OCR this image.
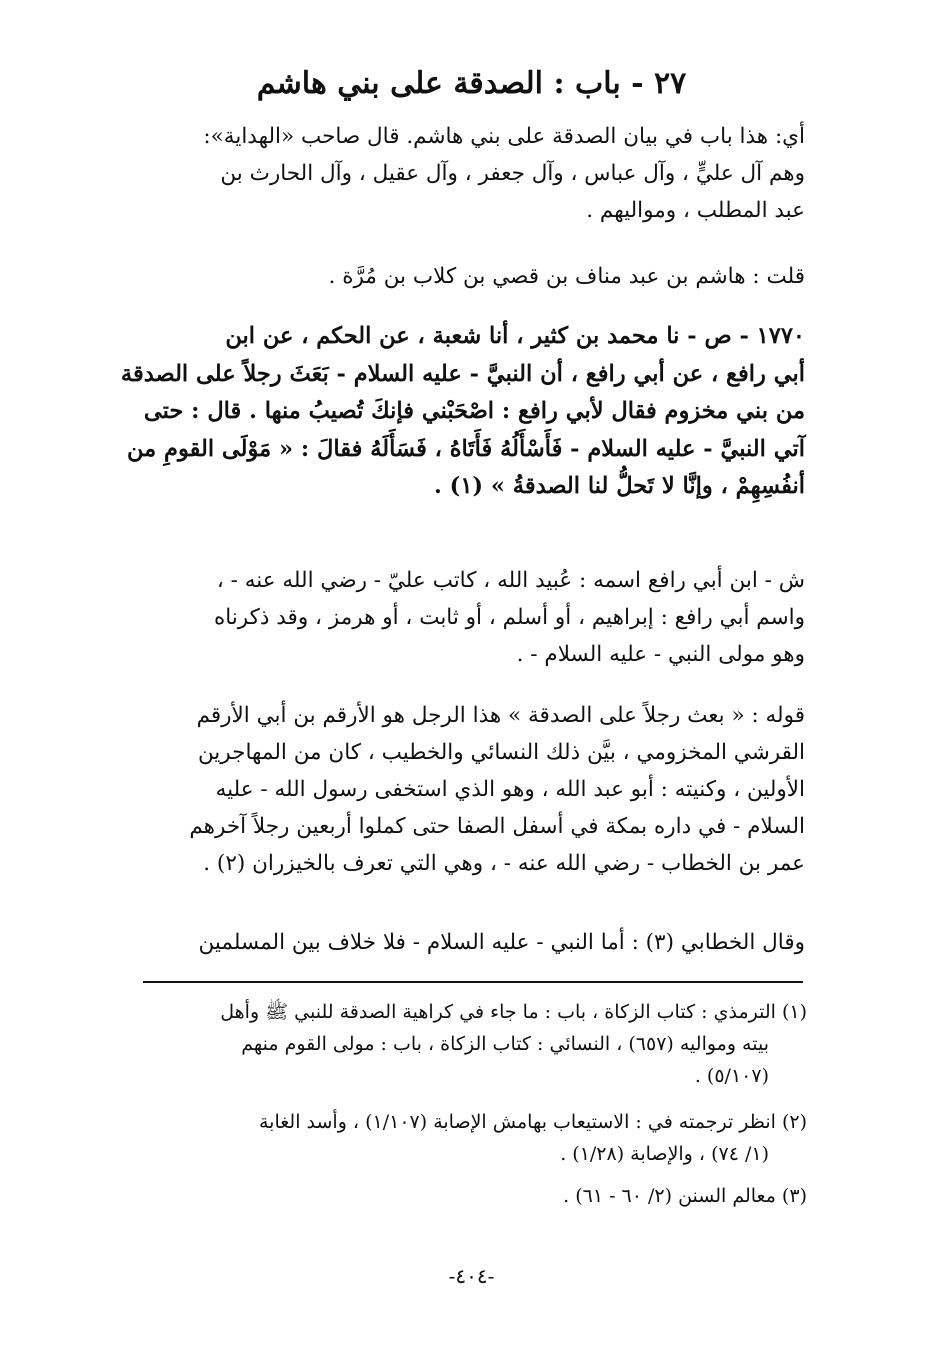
٢٧ - باب : الصدقة على بني هاشم
أي: هذا باب في بيان الصدقة على بني هاشم. قال صاحب «الهداية»:
وهم آل عليٍّ ، وآل عباس ، وآل جعفر ، وآل عقيل ، وآل الحارث بن
عبد المطلب ، ومواليهم .
قلت : هاشم بن عبد مناف بن قصي بن كلاب بن مُرَّة .
١٧٧٠ - ص - نا محمد بن كثير ، أنا شعبة ، عن الحكم ، عن ابن
أبي رافع ، عن أبي رافع ، أن النبيَّ - عليه السلام - بَعَثَ رجلاً على الصدقة
من بني مخزوم فقال لأبي رافع : اصْحَبْني فإنكَ تُصيبُ منها . قال : حتى
آتي النبيَّ - عليه السلام - فَأَسْأَلُهُ فَأَتَاهُ ، فَسَأَلَهُ فقالَ : « مَوْلَى القومِ من
أنفُسِهِمْ ، وإنَّا لا تَحلُّ لنا الصدقةُ » (١) .
ش - ابن أبي رافع اسمه : عُبيد الله ، كاتب عليّ - رضي الله عنه - ،
واسم أبي رافع : إبراهيم ، أو أسلم ، أو ثابت ، أو هرمز ، وقد ذكرناه
وهو مولى النبي - عليه السلام - .
قوله : « بعث رجلاً على الصدقة » هذا الرجل هو الأرقم بن أبي الأرقم
القرشي المخزومي ، بيَّن ذلك النسائي والخطيب ، كان من المهاجرين
الأولين ، وكنيته : أبو عبد الله ، وهو الذي استخفى رسول الله - عليه
السلام - في داره بمكة في أسفل الصفا حتى كملوا أربعين رجلاً آخرهم
عمر بن الخطاب - رضي الله عنه - ، وهي التي تعرف بالخيزران (٢) .
وقال الخطابي (٣) : أما النبي - عليه السلام - فلا خلاف بين المسلمين
(١) الترمذي : كتاب الزكاة ، باب : ما جاء في كراهية الصدقة للنبي ﷺ وأهل
بيته ومواليه (٦٥٧) ، النسائي : كتاب الزكاة ، باب : مولى القوم منهم
(٥/١٠٧) .
(٢) انظر ترجمته في : الاستيعاب بهامش الإصابة (١/١٠٧) ، وأسد الغابة
(١/ ٧٤) ، والإصابة (١/٢٨) .
(٣) معالم السنن (٢/ ٦٠ - ٦١) .
-٤٠٤-
